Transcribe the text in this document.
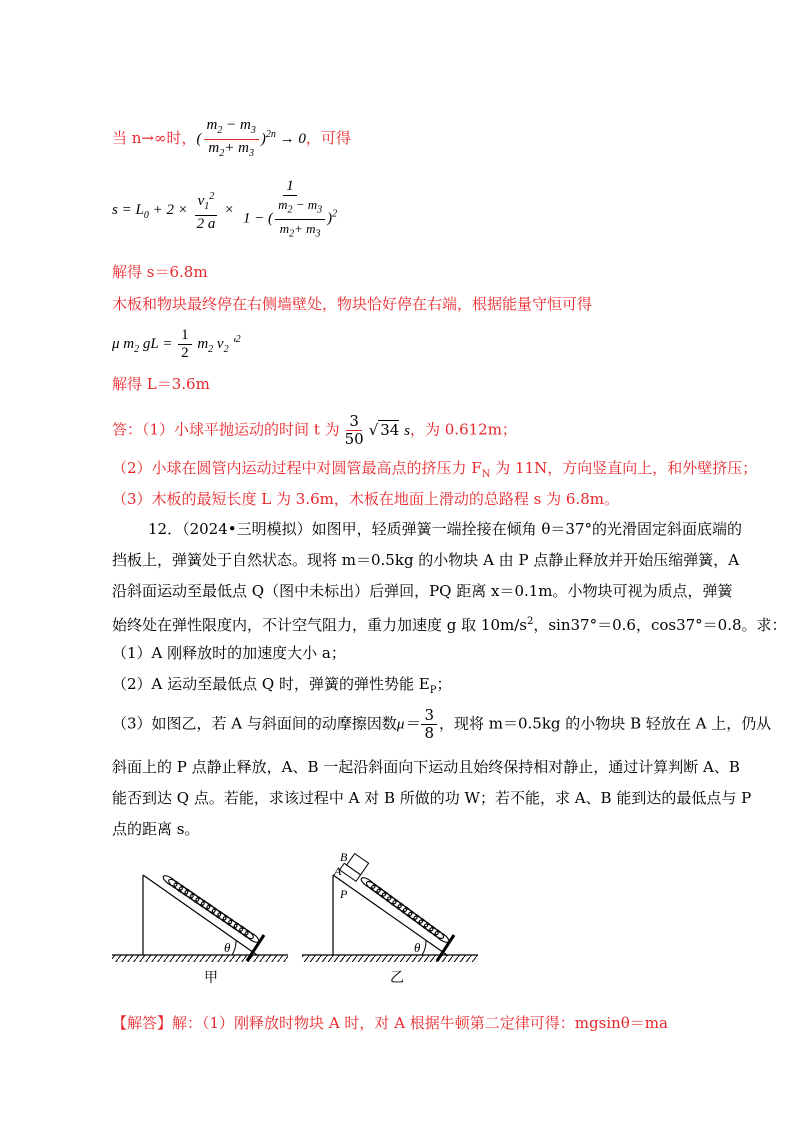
当 n→∞时，( $\frac{m_2 - m_3}{m_2+ m_3} )^{2n} \to 0$，可得
$s = L_0 + 2 \times \frac{v_1^2}{2 a} \times \frac{1}{1 - ( \frac{m_2 - m_3}{m_2+ m_3} )^2}$
解得 s＝6.8m
木板和物块最终停在右侧墙壁处，物块恰好停在右端，根据能量守恒可得
μ $m_2$ gL = $\frac{1}{2} m_2$ $v_2$ $'^2$
解得 L＝3.6m
答：（1）小球平抛运动的时间 t 为 $\frac{3}{50}$ √ 34 s，为 0.612m；
（2）小球在圆管内运动过程中对圆管最高点的挤压力 $F_N$ 为 11N，方向竖直向上，和外壁挤压；
（3）木板的最短长度 L 为 3.6m，木板在地面上滑动的总路程 s 为 6.8m。
12．（2024•三明模拟）如图甲，轻质弹簧一端拴接在倾角 θ＝37°的光滑固定斜面底端的
挡板上，弹簧处于自然状态。现将 m＝0.5kg 的小物块 A 由 P 点静止释放并开始压缩弹簧，A
沿斜面运动至最低点 Q（图中未标出）后弹回，PQ 距离 x＝0.1m。小物块可视为质点，弹簧
始终处在弹性限度内，不计空气阻力，重力加速度 g 取 $10m/s^2$，sin37°＝0.6，cos37°＝0.8。求：
（1）A 刚释放时的加速度大小 a；
（2）A 运动至最低点 Q 时，弹簧的弹性势能 $E_P$；
（3）如图乙，若 A 与斜面间的动摩擦因数$\mu= \frac{3}{8}$ ，现将 m＝0.5kg 的小物块 B 轻放在 A 上，仍从
斜面上的 P 点静止释放，A、B 一起沿斜面向下运动且始终保持相对静止，通过计算判断 A、B
能否到达 Q 点。若能，求该过程中 A 对 B 所做的功 W；若不能，求 A、B 能到达的最低点与 P
点的距离 s。
θ
甲
B
A
P
θ
乙
【解答】解：（1）刚释放时物块 A 时，对 A 根据牛顿第二定律可得：mgsinθ＝ma
